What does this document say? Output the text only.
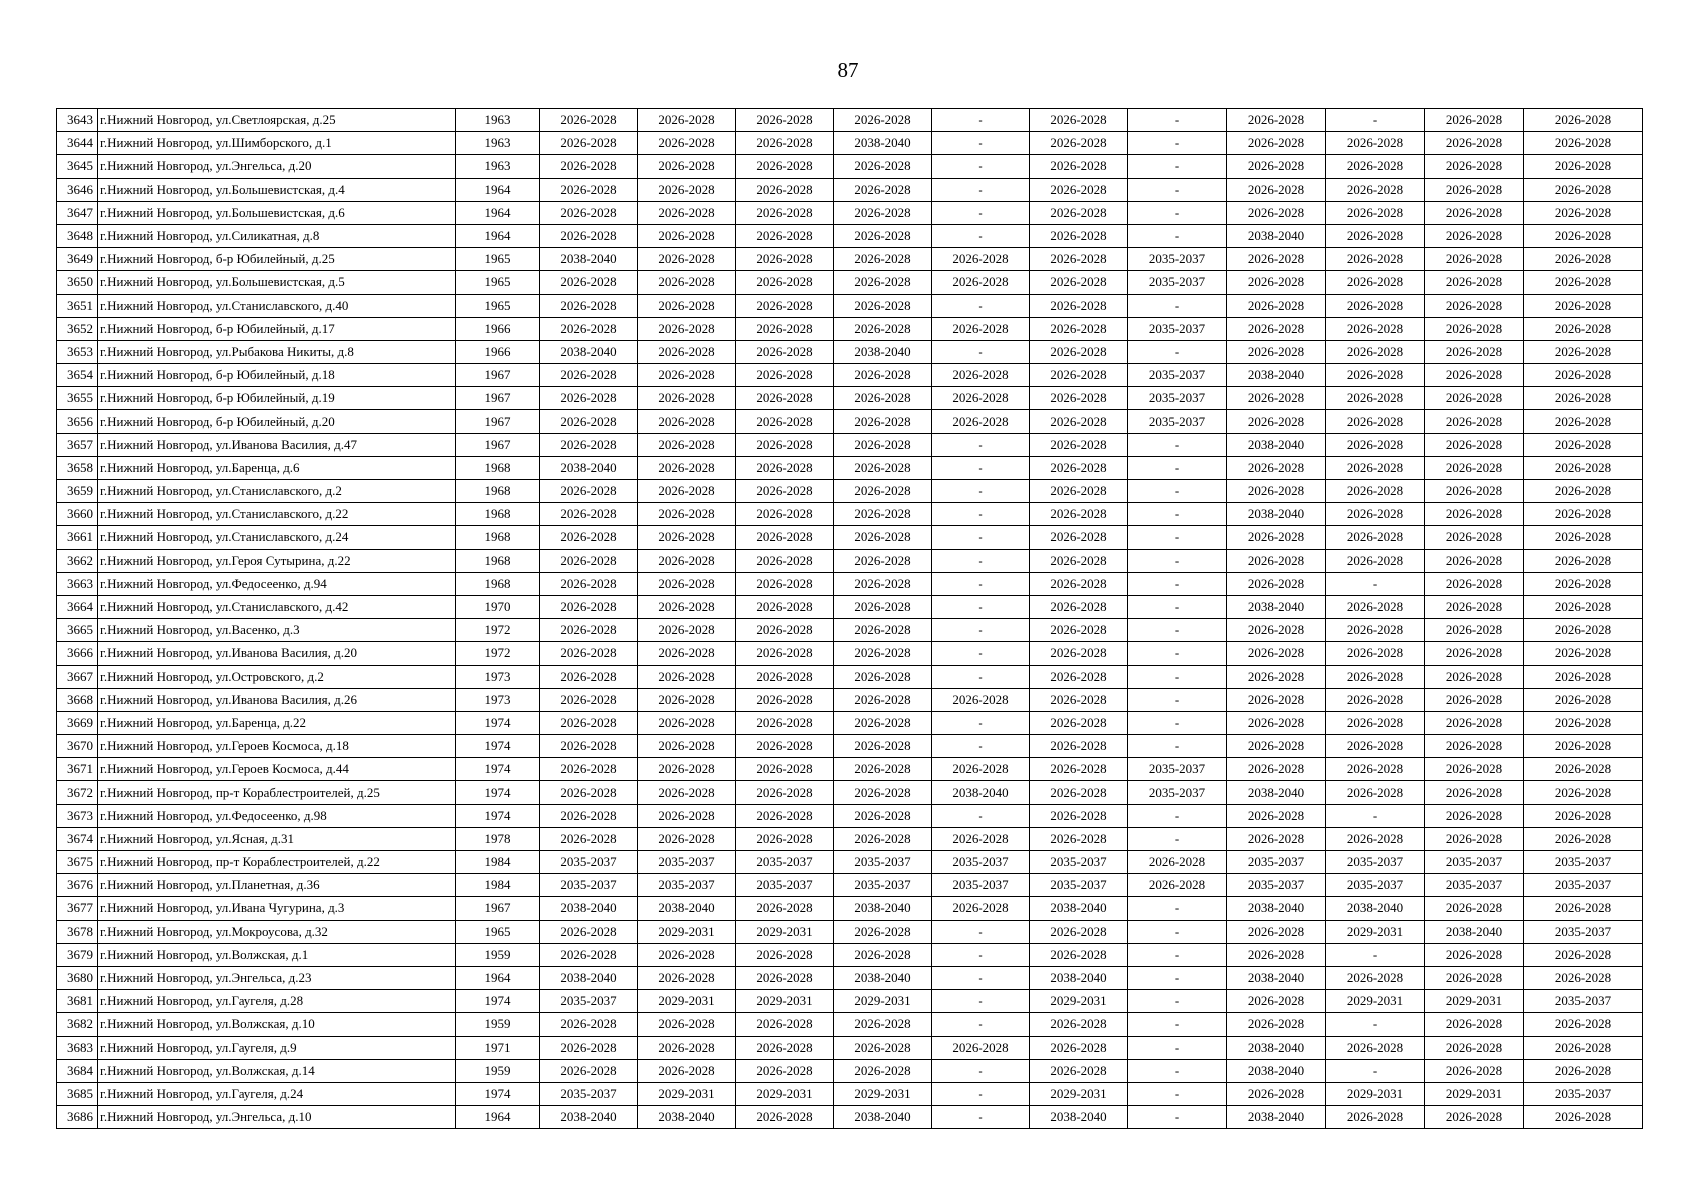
87
3643	г.Нижний Новгород, ул.Светлоярская, д.25	1963	2026-2028	2026-2028	2026-2028	2026-2028	-	2026-2028	-	2026-2028	-	2026-2028	2026-2028
3644	г.Нижний Новгород, ул.Шимборского, д.1	1963	2026-2028	2026-2028	2026-2028	2038-2040	-	2026-2028	-	2026-2028	2026-2028	2026-2028	2026-2028
3645	г.Нижний Новгород, ул.Энгельса, д.20	1963	2026-2028	2026-2028	2026-2028	2026-2028	-	2026-2028	-	2026-2028	2026-2028	2026-2028	2026-2028
3646	г.Нижний Новгород, ул.Большевистская, д.4	1964	2026-2028	2026-2028	2026-2028	2026-2028	-	2026-2028	-	2026-2028	2026-2028	2026-2028	2026-2028
3647	г.Нижний Новгород, ул.Большевистская, д.6	1964	2026-2028	2026-2028	2026-2028	2026-2028	-	2026-2028	-	2026-2028	2026-2028	2026-2028	2026-2028
3648	г.Нижний Новгород, ул.Силикатная, д.8	1964	2026-2028	2026-2028	2026-2028	2026-2028	-	2026-2028	-	2038-2040	2026-2028	2026-2028	2026-2028
3649	г.Нижний Новгород, б-р Юбилейный, д.25	1965	2038-2040	2026-2028	2026-2028	2026-2028	2026-2028	2026-2028	2035-2037	2026-2028	2026-2028	2026-2028	2026-2028
3650	г.Нижний Новгород, ул.Большевистская, д.5	1965	2026-2028	2026-2028	2026-2028	2026-2028	2026-2028	2026-2028	2035-2037	2026-2028	2026-2028	2026-2028	2026-2028
3651	г.Нижний Новгород, ул.Станиславского, д.40	1965	2026-2028	2026-2028	2026-2028	2026-2028	-	2026-2028	-	2026-2028	2026-2028	2026-2028	2026-2028
3652	г.Нижний Новгород, б-р Юбилейный, д.17	1966	2026-2028	2026-2028	2026-2028	2026-2028	2026-2028	2026-2028	2035-2037	2026-2028	2026-2028	2026-2028	2026-2028
3653	г.Нижний Новгород, ул.Рыбакова Никиты, д.8	1966	2038-2040	2026-2028	2026-2028	2038-2040	-	2026-2028	-	2026-2028	2026-2028	2026-2028	2026-2028
3654	г.Нижний Новгород, б-р Юбилейный, д.18	1967	2026-2028	2026-2028	2026-2028	2026-2028	2026-2028	2026-2028	2035-2037	2038-2040	2026-2028	2026-2028	2026-2028
3655	г.Нижний Новгород, б-р Юбилейный, д.19	1967	2026-2028	2026-2028	2026-2028	2026-2028	2026-2028	2026-2028	2035-2037	2026-2028	2026-2028	2026-2028	2026-2028
3656	г.Нижний Новгород, б-р Юбилейный, д.20	1967	2026-2028	2026-2028	2026-2028	2026-2028	2026-2028	2026-2028	2035-2037	2026-2028	2026-2028	2026-2028	2026-2028
3657	г.Нижний Новгород, ул.Иванова Василия, д.47	1967	2026-2028	2026-2028	2026-2028	2026-2028	-	2026-2028	-	2038-2040	2026-2028	2026-2028	2026-2028
3658	г.Нижний Новгород, ул.Баренца, д.6	1968	2038-2040	2026-2028	2026-2028	2026-2028	-	2026-2028	-	2026-2028	2026-2028	2026-2028	2026-2028
3659	г.Нижний Новгород, ул.Станиславского, д.2	1968	2026-2028	2026-2028	2026-2028	2026-2028	-	2026-2028	-	2026-2028	2026-2028	2026-2028	2026-2028
3660	г.Нижний Новгород, ул.Станиславского, д.22	1968	2026-2028	2026-2028	2026-2028	2026-2028	-	2026-2028	-	2038-2040	2026-2028	2026-2028	2026-2028
3661	г.Нижний Новгород, ул.Станиславского, д.24	1968	2026-2028	2026-2028	2026-2028	2026-2028	-	2026-2028	-	2026-2028	2026-2028	2026-2028	2026-2028
3662	г.Нижний Новгород, ул.Героя Сутырина, д.22	1968	2026-2028	2026-2028	2026-2028	2026-2028	-	2026-2028	-	2026-2028	2026-2028	2026-2028	2026-2028
3663	г.Нижний Новгород, ул.Федосеенко, д.94	1968	2026-2028	2026-2028	2026-2028	2026-2028	-	2026-2028	-	2026-2028	-	2026-2028	2026-2028
3664	г.Нижний Новгород, ул.Станиславского, д.42	1970	2026-2028	2026-2028	2026-2028	2026-2028	-	2026-2028	-	2038-2040	2026-2028	2026-2028	2026-2028
3665	г.Нижний Новгород, ул.Васенко, д.3	1972	2026-2028	2026-2028	2026-2028	2026-2028	-	2026-2028	-	2026-2028	2026-2028	2026-2028	2026-2028
3666	г.Нижний Новгород, ул.Иванова Василия, д.20	1972	2026-2028	2026-2028	2026-2028	2026-2028	-	2026-2028	-	2026-2028	2026-2028	2026-2028	2026-2028
3667	г.Нижний Новгород, ул.Островского, д.2	1973	2026-2028	2026-2028	2026-2028	2026-2028	-	2026-2028	-	2026-2028	2026-2028	2026-2028	2026-2028
3668	г.Нижний Новгород, ул.Иванова Василия, д.26	1973	2026-2028	2026-2028	2026-2028	2026-2028	2026-2028	2026-2028	-	2026-2028	2026-2028	2026-2028	2026-2028
3669	г.Нижний Новгород, ул.Баренца, д.22	1974	2026-2028	2026-2028	2026-2028	2026-2028	-	2026-2028	-	2026-2028	2026-2028	2026-2028	2026-2028
3670	г.Нижний Новгород, ул.Героев Космоса, д.18	1974	2026-2028	2026-2028	2026-2028	2026-2028	-	2026-2028	-	2026-2028	2026-2028	2026-2028	2026-2028
3671	г.Нижний Новгород, ул.Героев Космоса, д.44	1974	2026-2028	2026-2028	2026-2028	2026-2028	2026-2028	2026-2028	2035-2037	2026-2028	2026-2028	2026-2028	2026-2028
3672	г.Нижний Новгород, пр-т Кораблестроителей, д.25	1974	2026-2028	2026-2028	2026-2028	2026-2028	2038-2040	2026-2028	2035-2037	2038-2040	2026-2028	2026-2028	2026-2028
3673	г.Нижний Новгород, ул.Федосеенко, д.98	1974	2026-2028	2026-2028	2026-2028	2026-2028	-	2026-2028	-	2026-2028	-	2026-2028	2026-2028
3674	г.Нижний Новгород, ул.Ясная, д.31	1978	2026-2028	2026-2028	2026-2028	2026-2028	2026-2028	2026-2028	-	2026-2028	2026-2028	2026-2028	2026-2028
3675	г.Нижний Новгород, пр-т Кораблестроителей, д.22	1984	2035-2037	2035-2037	2035-2037	2035-2037	2035-2037	2035-2037	2026-2028	2035-2037	2035-2037	2035-2037	2035-2037
3676	г.Нижний Новгород, ул.Планетная, д.36	1984	2035-2037	2035-2037	2035-2037	2035-2037	2035-2037	2035-2037	2026-2028	2035-2037	2035-2037	2035-2037	2035-2037
3677	г.Нижний Новгород, ул.Ивана Чугурина, д.3	1967	2038-2040	2038-2040	2026-2028	2038-2040	2026-2028	2038-2040	-	2038-2040	2038-2040	2026-2028	2026-2028
3678	г.Нижний Новгород, ул.Мокроусова, д.32	1965	2026-2028	2029-2031	2029-2031	2026-2028	-	2026-2028	-	2026-2028	2029-2031	2038-2040	2035-2037
3679	г.Нижний Новгород, ул.Волжская, д.1	1959	2026-2028	2026-2028	2026-2028	2026-2028	-	2026-2028	-	2026-2028	-	2026-2028	2026-2028
3680	г.Нижний Новгород, ул.Энгельса, д.23	1964	2038-2040	2026-2028	2026-2028	2038-2040	-	2038-2040	-	2038-2040	2026-2028	2026-2028	2026-2028
3681	г.Нижний Новгород, ул.Гаугеля, д.28	1974	2035-2037	2029-2031	2029-2031	2029-2031	-	2029-2031	-	2026-2028	2029-2031	2029-2031	2035-2037
3682	г.Нижний Новгород, ул.Волжская, д.10	1959	2026-2028	2026-2028	2026-2028	2026-2028	-	2026-2028	-	2026-2028	-	2026-2028	2026-2028
3683	г.Нижний Новгород, ул.Гаугеля, д.9	1971	2026-2028	2026-2028	2026-2028	2026-2028	2026-2028	2026-2028	-	2038-2040	2026-2028	2026-2028	2026-2028
3684	г.Нижний Новгород, ул.Волжская, д.14	1959	2026-2028	2026-2028	2026-2028	2026-2028	-	2026-2028	-	2038-2040	-	2026-2028	2026-2028
3685	г.Нижний Новгород, ул.Гаугеля, д.24	1974	2035-2037	2029-2031	2029-2031	2029-2031	-	2029-2031	-	2026-2028	2029-2031	2029-2031	2035-2037
3686	г.Нижний Новгород, ул.Энгельса, д.10	1964	2038-2040	2038-2040	2026-2028	2038-2040	-	2038-2040	-	2038-2040	2026-2028	2026-2028	2026-2028
